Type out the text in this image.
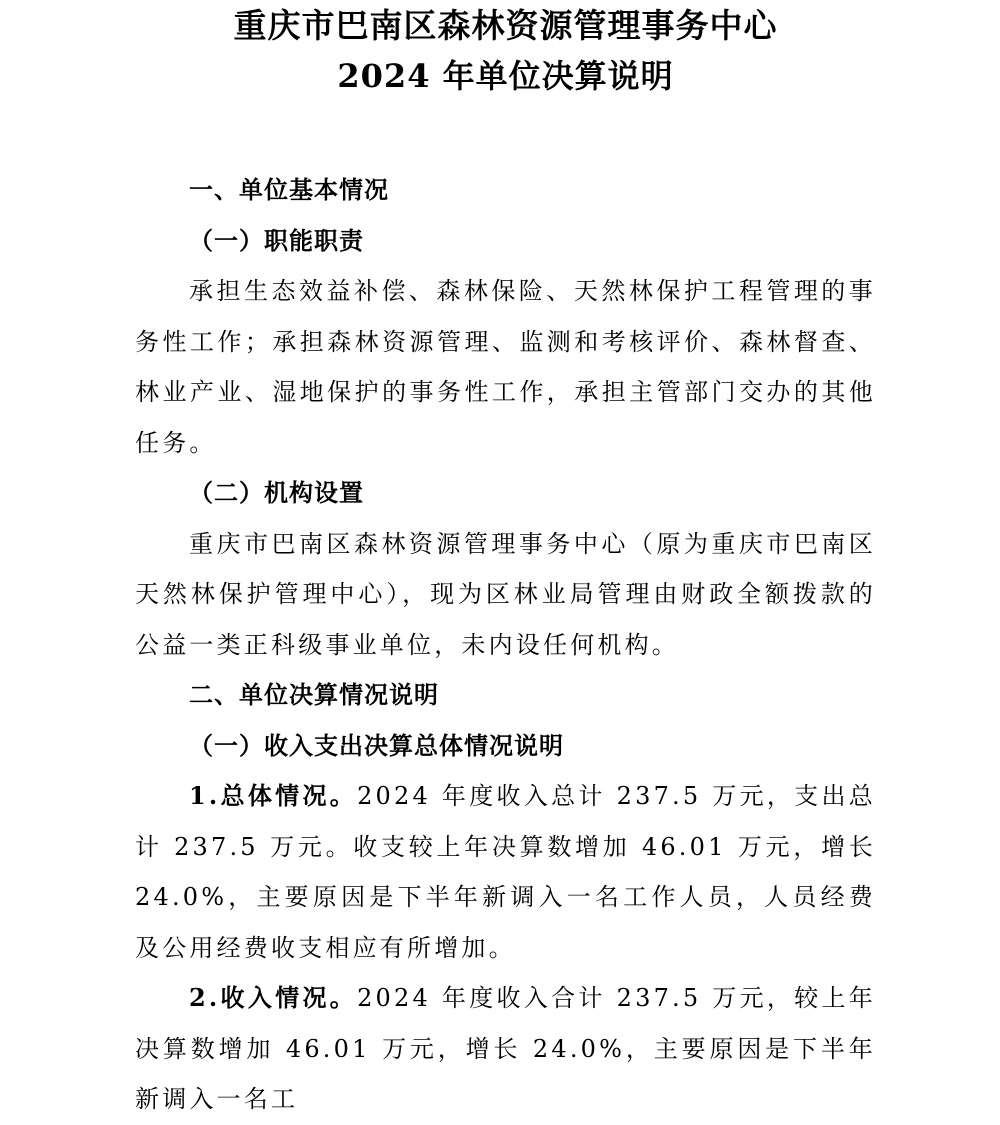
重庆市巴南区森林资源管理事务中心
2024 年单位决算说明
一、单位基本情况
（一）职能职责

承担生态效益补偿、森林保险、天然林保护工程管理的事务性工作；承担森林资源管理、监测和考核评价、森林督查、林业产业、湿地保护的事务性工作，承担主管部门交办的其他任务。

（二）机构设置

重庆市巴南区森林资源管理事务中心（原为重庆市巴南区天然林保护管理中心），现为区林业局管理由财政全额拨款的公益一类正科级事业单位，未内设任何机构。

二、单位决算情况说明
（一）收入支出决算总体情况说明

1.总体情况。2024 年度收入总计 237.5 万元，支出总计 237.5 万元。收支较上年决算数增加 46.01 万元，增长 24.0%，主要原因是下半年新调入一名工作人员，人员经费及公用经费收支相应有所增加。

2.收入情况。2024 年度收入合计 237.5 万元，较上年决算数增加 46.01 万元，增长 24.0%，主要原因是下半年新调入一名工
